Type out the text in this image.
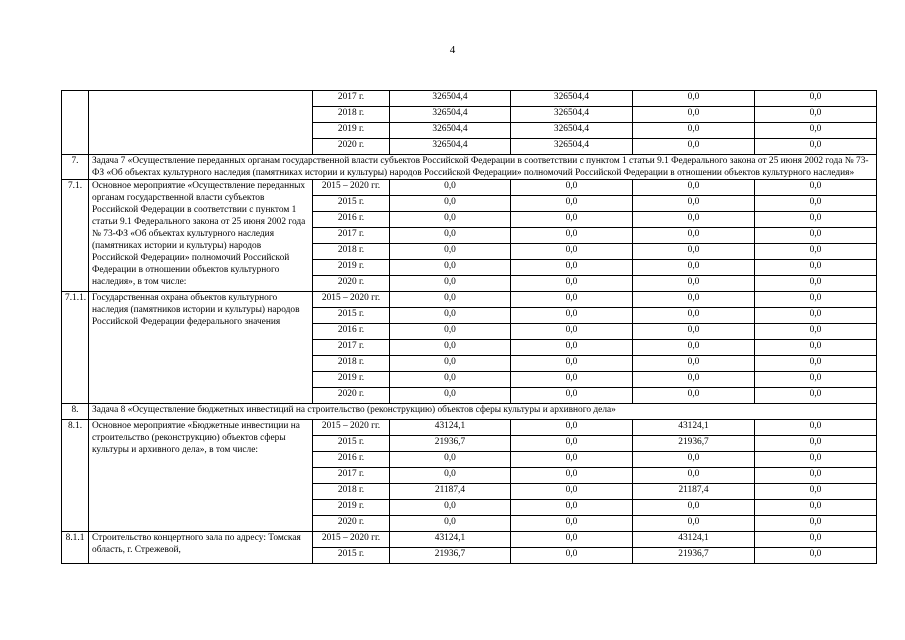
4
		2017 г.	326504,4	326504,4	0,0	0,0
		2018 г.	326504,4	326504,4	0,0	0,0
		2019 г.	326504,4	326504,4	0,0	0,0
		2020 г.	326504,4	326504,4	0,0	0,0
7.	Задача 7 «Осуществление переданных органам государственной власти субъектов Российской Федерации в соответствии с пунктом 1 статьи 9.1 Федерального закона от 25 июня 2002 года № 73-ФЗ «Об объектах культурного наследия (памятниках истории и культуры) народов Российской Федерации» полномочий Российской Федерации в отношении объектов культурного наследия»					
7.1.	Основное мероприятие «Осуществление переданных органам государственной власти субъектов Российской Федерации в соответствии с пунктом 1 статьи 9.1 Федерального закона от 25 июня 2002 года № 73-ФЗ «Об объектах культурного наследия (памятниках истории и культуры) народов Российской Федерации» полномочий Российской Федерации в отношении объектов культурного наследия», в том числе:	2015 – 2020 гг.	0,0	0,0	0,0	0,0
		2015 г.	0,0	0,0	0,0	0,0
		2016 г.	0,0	0,0	0,0	0,0
		2017 г.	0,0	0,0	0,0	0,0
		2018 г.	0,0	0,0	0,0	0,0
		2019 г.	0,0	0,0	0,0	0,0
		2020 г.	0,0	0,0	0,0	0,0
7.1.1.	Государственная охрана объектов культурного наследия (памятников истории и культуры) народов Российской Федерации федерального значения	2015 – 2020 гг.	0,0	0,0	0,0	0,0
		2015 г.	0,0	0,0	0,0	0,0
		2016 г.	0,0	0,0	0,0	0,0
		2017 г.	0,0	0,0	0,0	0,0
		2018 г.	0,0	0,0	0,0	0,0
		2019 г.	0,0	0,0	0,0	0,0
		2020 г.	0,0	0,0	0,0	0,0
8.	Задача 8 «Осуществление бюджетных инвестиций на строительство (реконструкцию) объектов сферы культуры и архивного дела»					
8.1.	Основное мероприятие «Бюджетные инвестиции на строительство (реконструкцию) объектов сферы культуры и архивного дела», в том числе:	2015 – 2020 гг.	43124,1	0,0	43124,1	0,0
		2015 г.	21936,7	0,0	21936,7	0,0
		2016 г.	0,0	0,0	0,0	0,0
		2017 г.	0,0	0,0	0,0	0,0
		2018 г.	21187,4	0,0	21187,4	0,0
		2019 г.	0,0	0,0	0,0	0,0
		2020 г.	0,0	0,0	0,0	0,0
8.1.1	Строительство концертного зала по адресу: Томская область, г. Стрежевой,	2015 – 2020 гг.	43124,1	0,0	43124,1	0,0
		2015 г.	21936,7	0,0	21936,7	0,0
